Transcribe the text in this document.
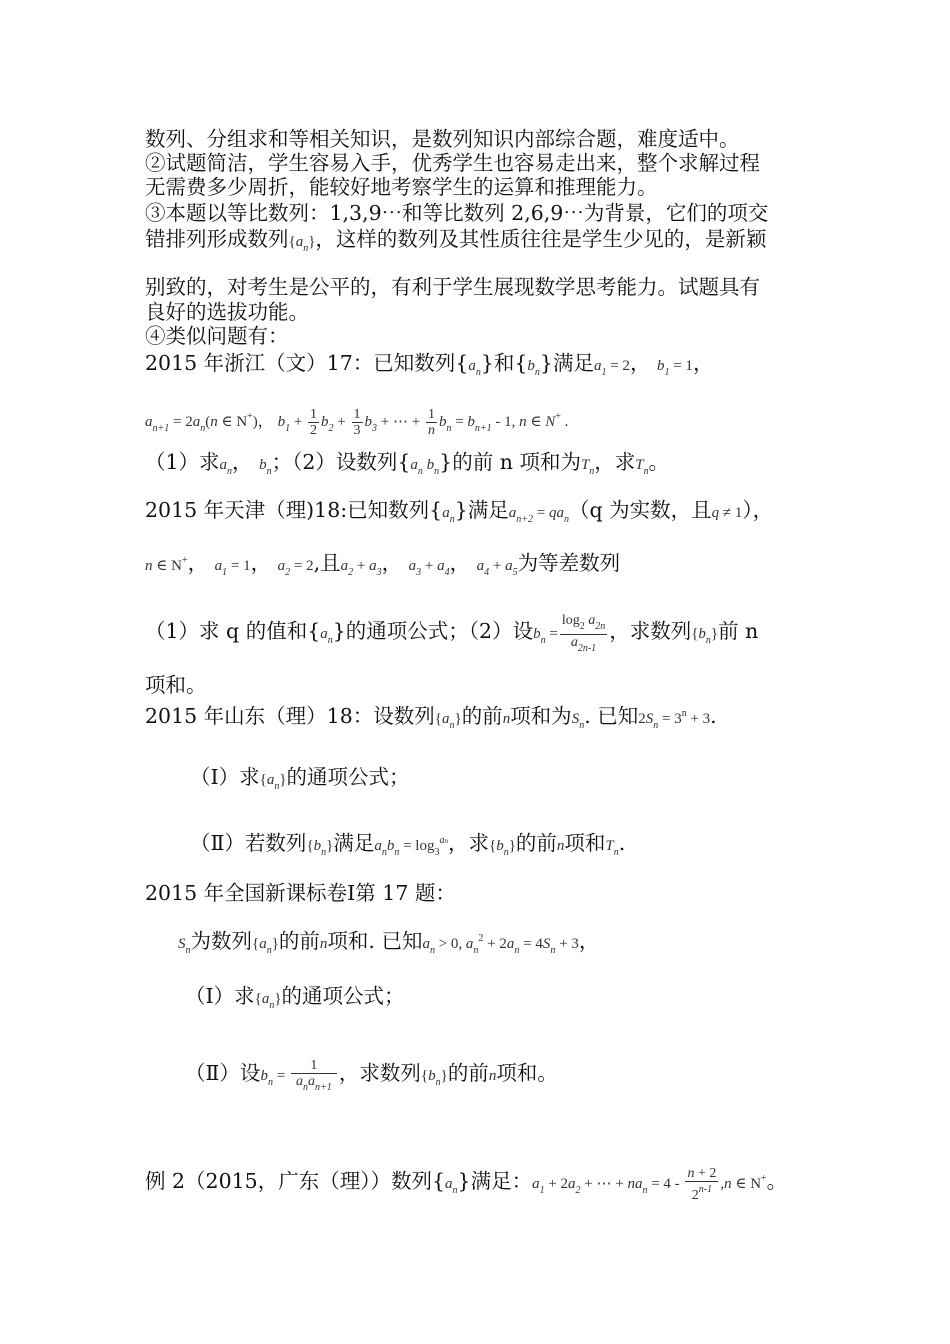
数列、分组求和等相关知识，是数列知识内部综合题，难度适中。
②试题简洁，学生容易入手，优秀学生也容易走出来，整个求解过程
无需费多少周折，能较好地考察学生的运算和推理能力。
③本题以等比数列：1,3,9⋯和等比数列 2,6,9⋯为背景，它们的项交
错排列形成数列$\{a_n\}$，这样的数列及其性质往往是学生少见的，是新颖
别致的，对考生是公平的，有利于学生展现数学思考能力。试题具有
良好的选拔功能。
④类似问题有：
2015 年浙江（文）17：已知数列$\{a_n\}$和$\{b_n\}$满足$a_1 = 2$， $b_1 = 1$，
$a_{n+1} = 2a_n(n$ ∈ N+)， $b_1 + \frac{1}{2} b_2 + \frac{1}{3} b_3$ + ⋯ + $\frac{1}{n} b_n = b_{n+1} - 1$, n ∈ N+ .
（1）求$a_n$， $b_n$；（2）设数列{$a_n$ $b_n$}的前 n 项和为$T_n$，求$T_n$。
2015 年天津（理)18:已知数列$\{a_n\}$满足$a_{n+2} = qa_n(q$ 为实数，且q ≠ 1），
n ∈ N+， $a_1 = 1$， $a_2 = 2$,且$a_2 + a_3$， $a_3 + a_4$， $a_4 + a_5$为等差数列
（1）求 q 的值和$\{a_n\}$的通项公式；（2）设$b_n = \frac{\log_2 a_{2n}}{a_{2n-1}}$ ，求数列$\{b_n\}$前 n
项和。
2015 年山东（理）18：设数列$\{a_n\}$的前n项和为$S_n$. 已知$2S_n = 3^n + 3$.
（Ⅰ）求$\{a_n\}$的通项公式；
（Ⅱ）若数列$\{b_n\}$满足$a_nb_n = \log_3^{an}$，求$\{b_n\}$的前n项和$T_n$.
2015 年全国新课标卷Ⅰ第 17 题：
$S_n$为数列$\{a_n\}$的前n项和. 已知$a_n > 0$, $a_n^2 + 2a_n = 4S_n + 3$，
（Ⅰ）求$\{a_n\}$的通项公式；
（Ⅱ）设$b_n = \frac{1}{a_na_{n+1}}$ ，求数列$\{b_n\}$的前n项和。
例 2（2015，广东（理））数列$\{a_n\}$满足：$a_1 + 2a_2$ + ⋯ + $na_n = 4 - \frac{n + 2}{2^{n-1}} ,n$ ∈ N+。
